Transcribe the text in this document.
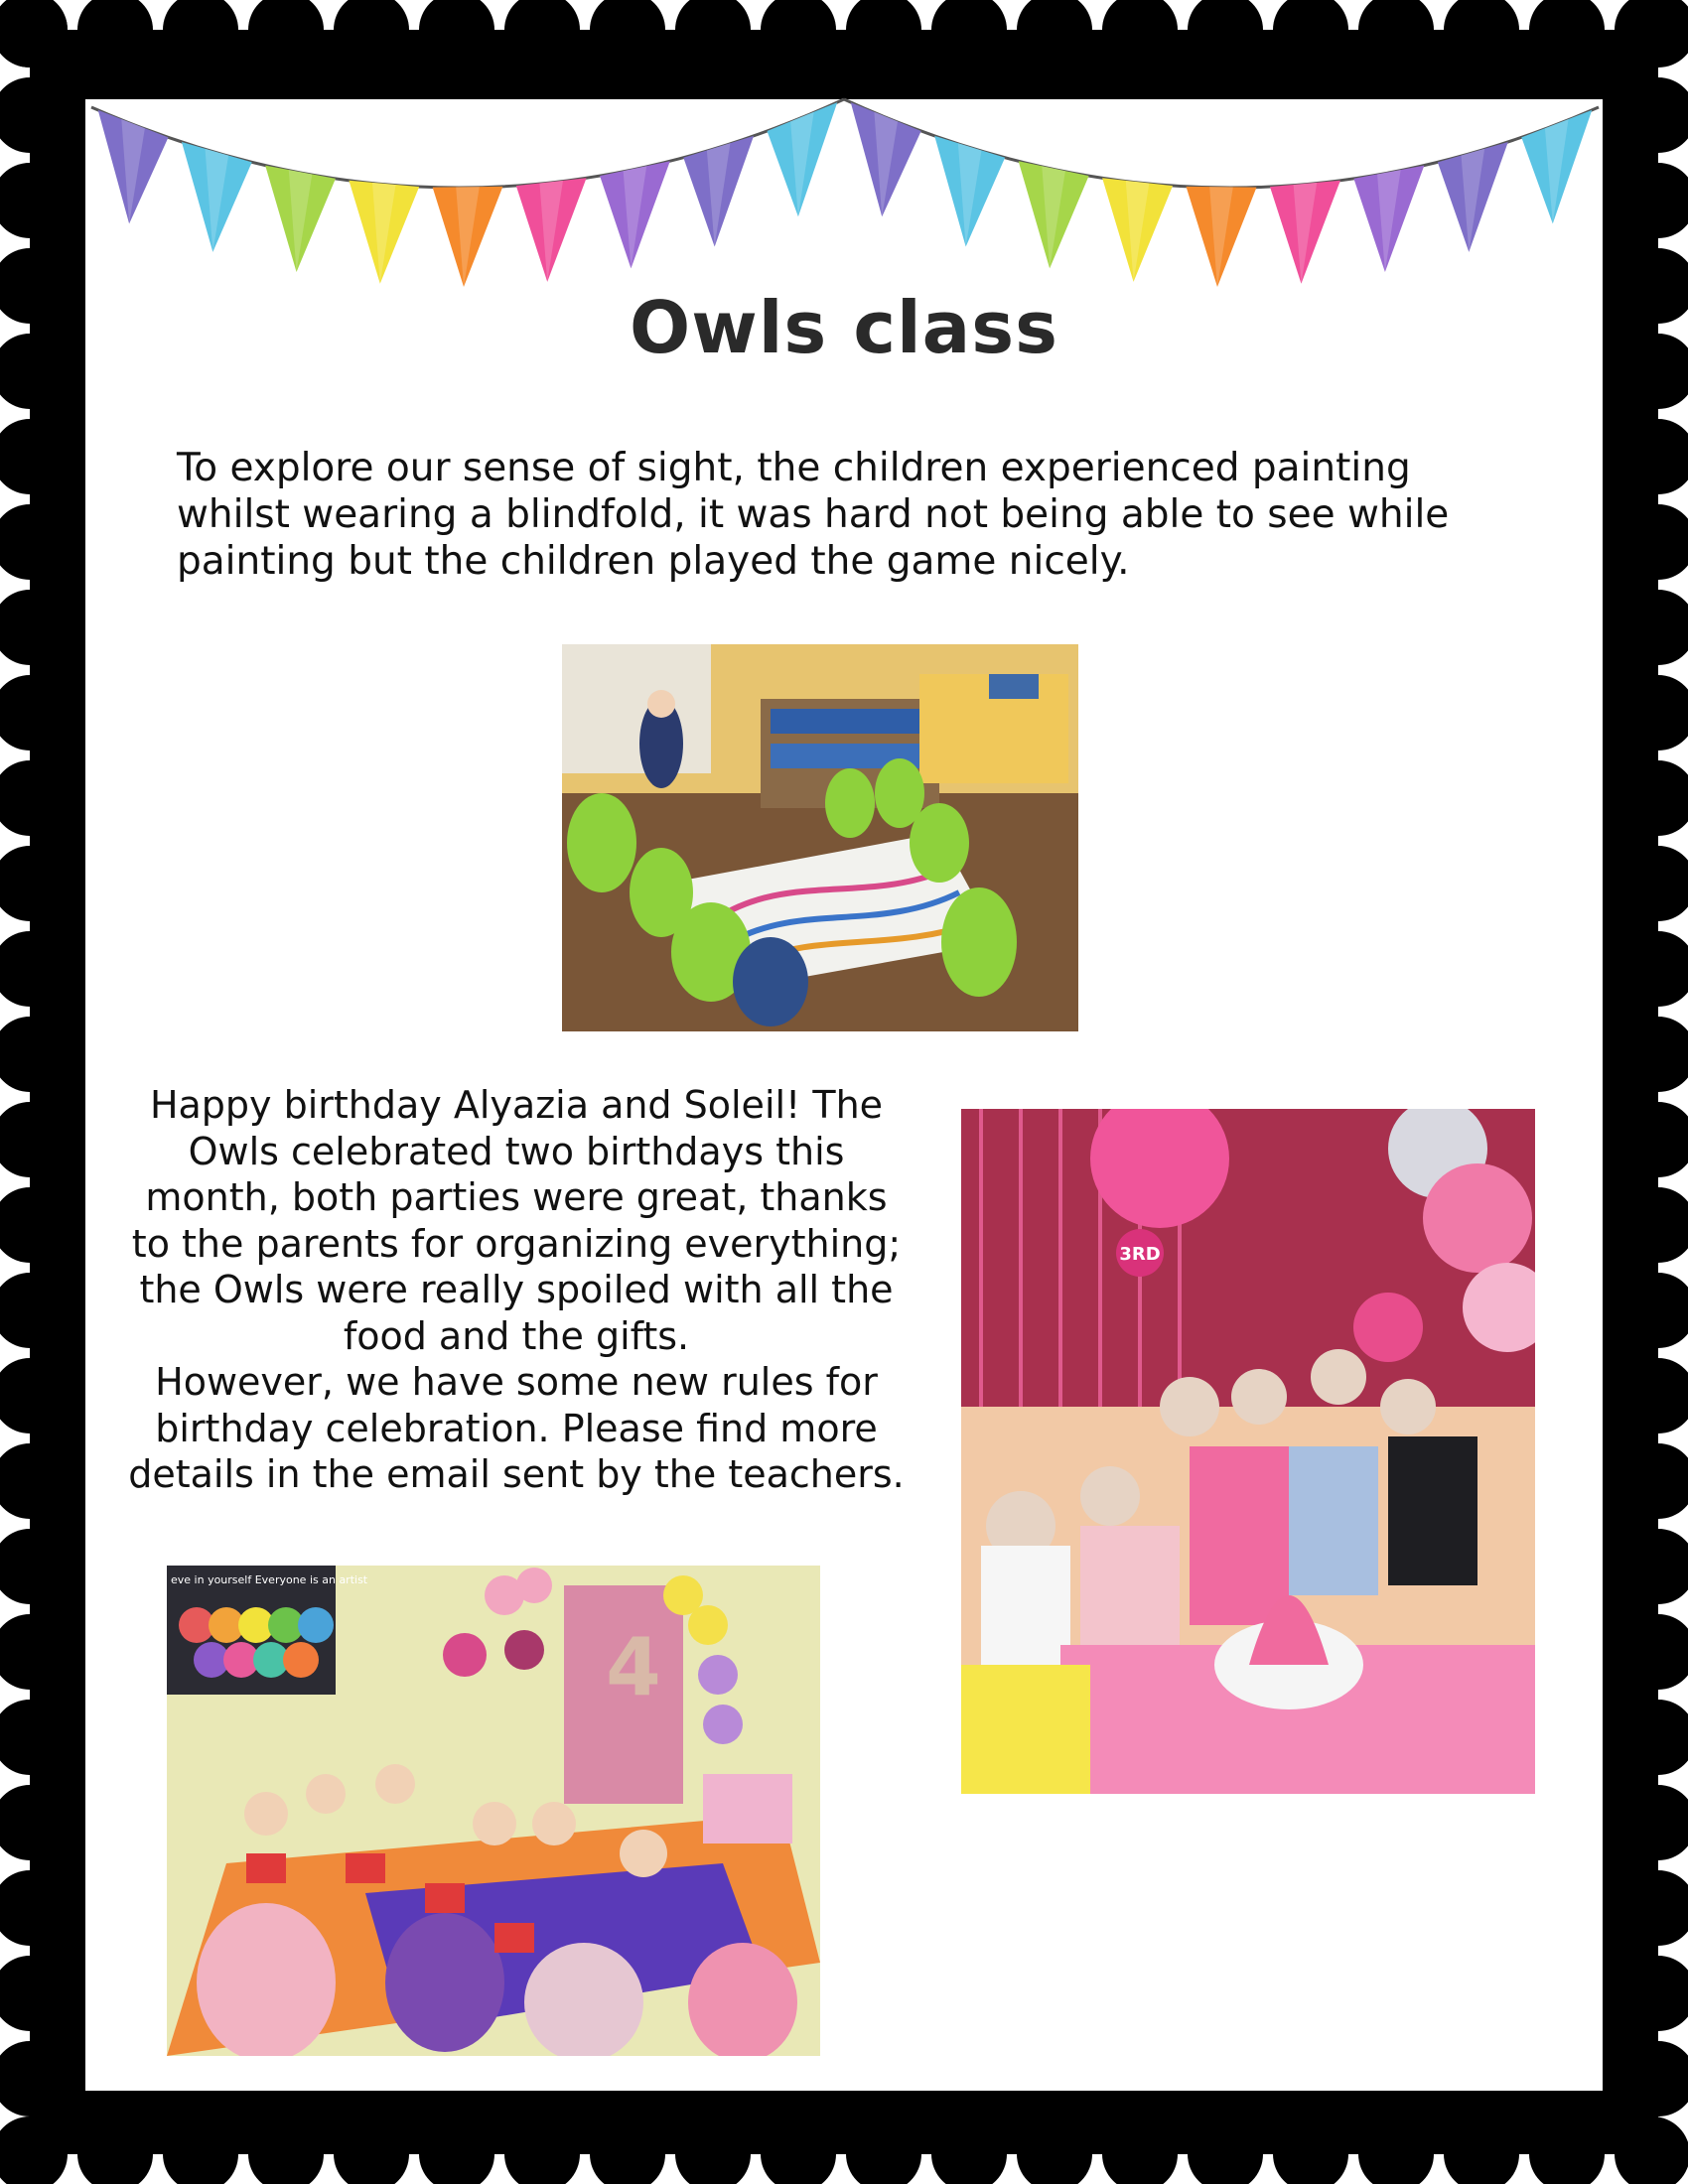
Owls class

To explore our sense of sight, the children experienced painting whilst wearing a blindfold, it was hard not being able to see while painting but the children played the game nicely.

Happy birthday Alyazia and Soleil! The
Owls celebrated two birthdays this
month, both parties were great, thanks
to the parents for organizing everything;
the Owls were really spoiled with all the
food and the gifts.
However, we have some new rules for
birthday celebration. Please find more
details in the email sent by the teachers.
3RD
eve in yourself Everyone is an artist
4
